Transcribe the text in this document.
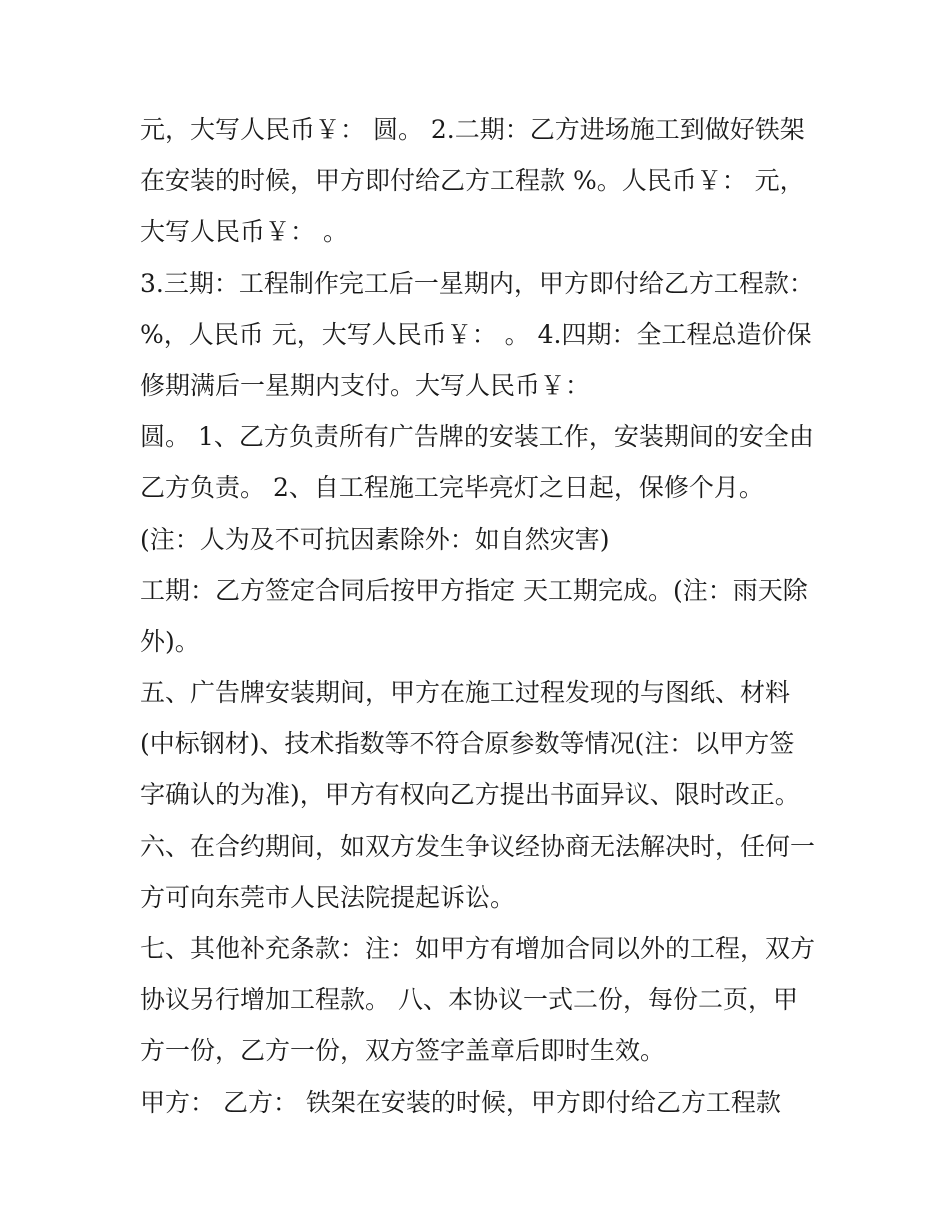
元，大写人民币￥： 圆。 2.二期：乙方进场施工到做好铁架
在安装的时候，甲方即付给乙方工程款 %。人民币￥： 元，
大写人民币￥： 。
3.三期：工程制作完工后一星期内，甲方即付给乙方工程款：
%，人民币 元，大写人民币￥： 。 4.四期：全工程总造价保
修期满后一星期内支付。大写人民币￥：
圆。 1、乙方负责所有广告牌的安装工作，安装期间的安全由
乙方负责。 2、自工程施工完毕亮灯之日起，保修个月。
(注：人为及不可抗因素除外：如自然灾害)
工期：乙方签定合同后按甲方指定 天工期完成。(注：雨天除
外)。
五、广告牌安装期间，甲方在施工过程发现的与图纸、材料
(中标钢材)、技术指数等不符合原参数等情况(注：以甲方签
字确认的为准)，甲方有权向乙方提出书面异议、限时改正。
六、在合约期间，如双方发生争议经协商无法解决时，任何一
方可向东莞市人民法院提起诉讼。
七、其他补充条款：注：如甲方有增加合同以外的工程，双方
协议另行增加工程款。 八、本协议一式二份，每份二页，甲
方一份，乙方一份，双方签字盖章后即时生效。
甲方： 乙方： 铁架在安装的时候，甲方即付给乙方工程款
